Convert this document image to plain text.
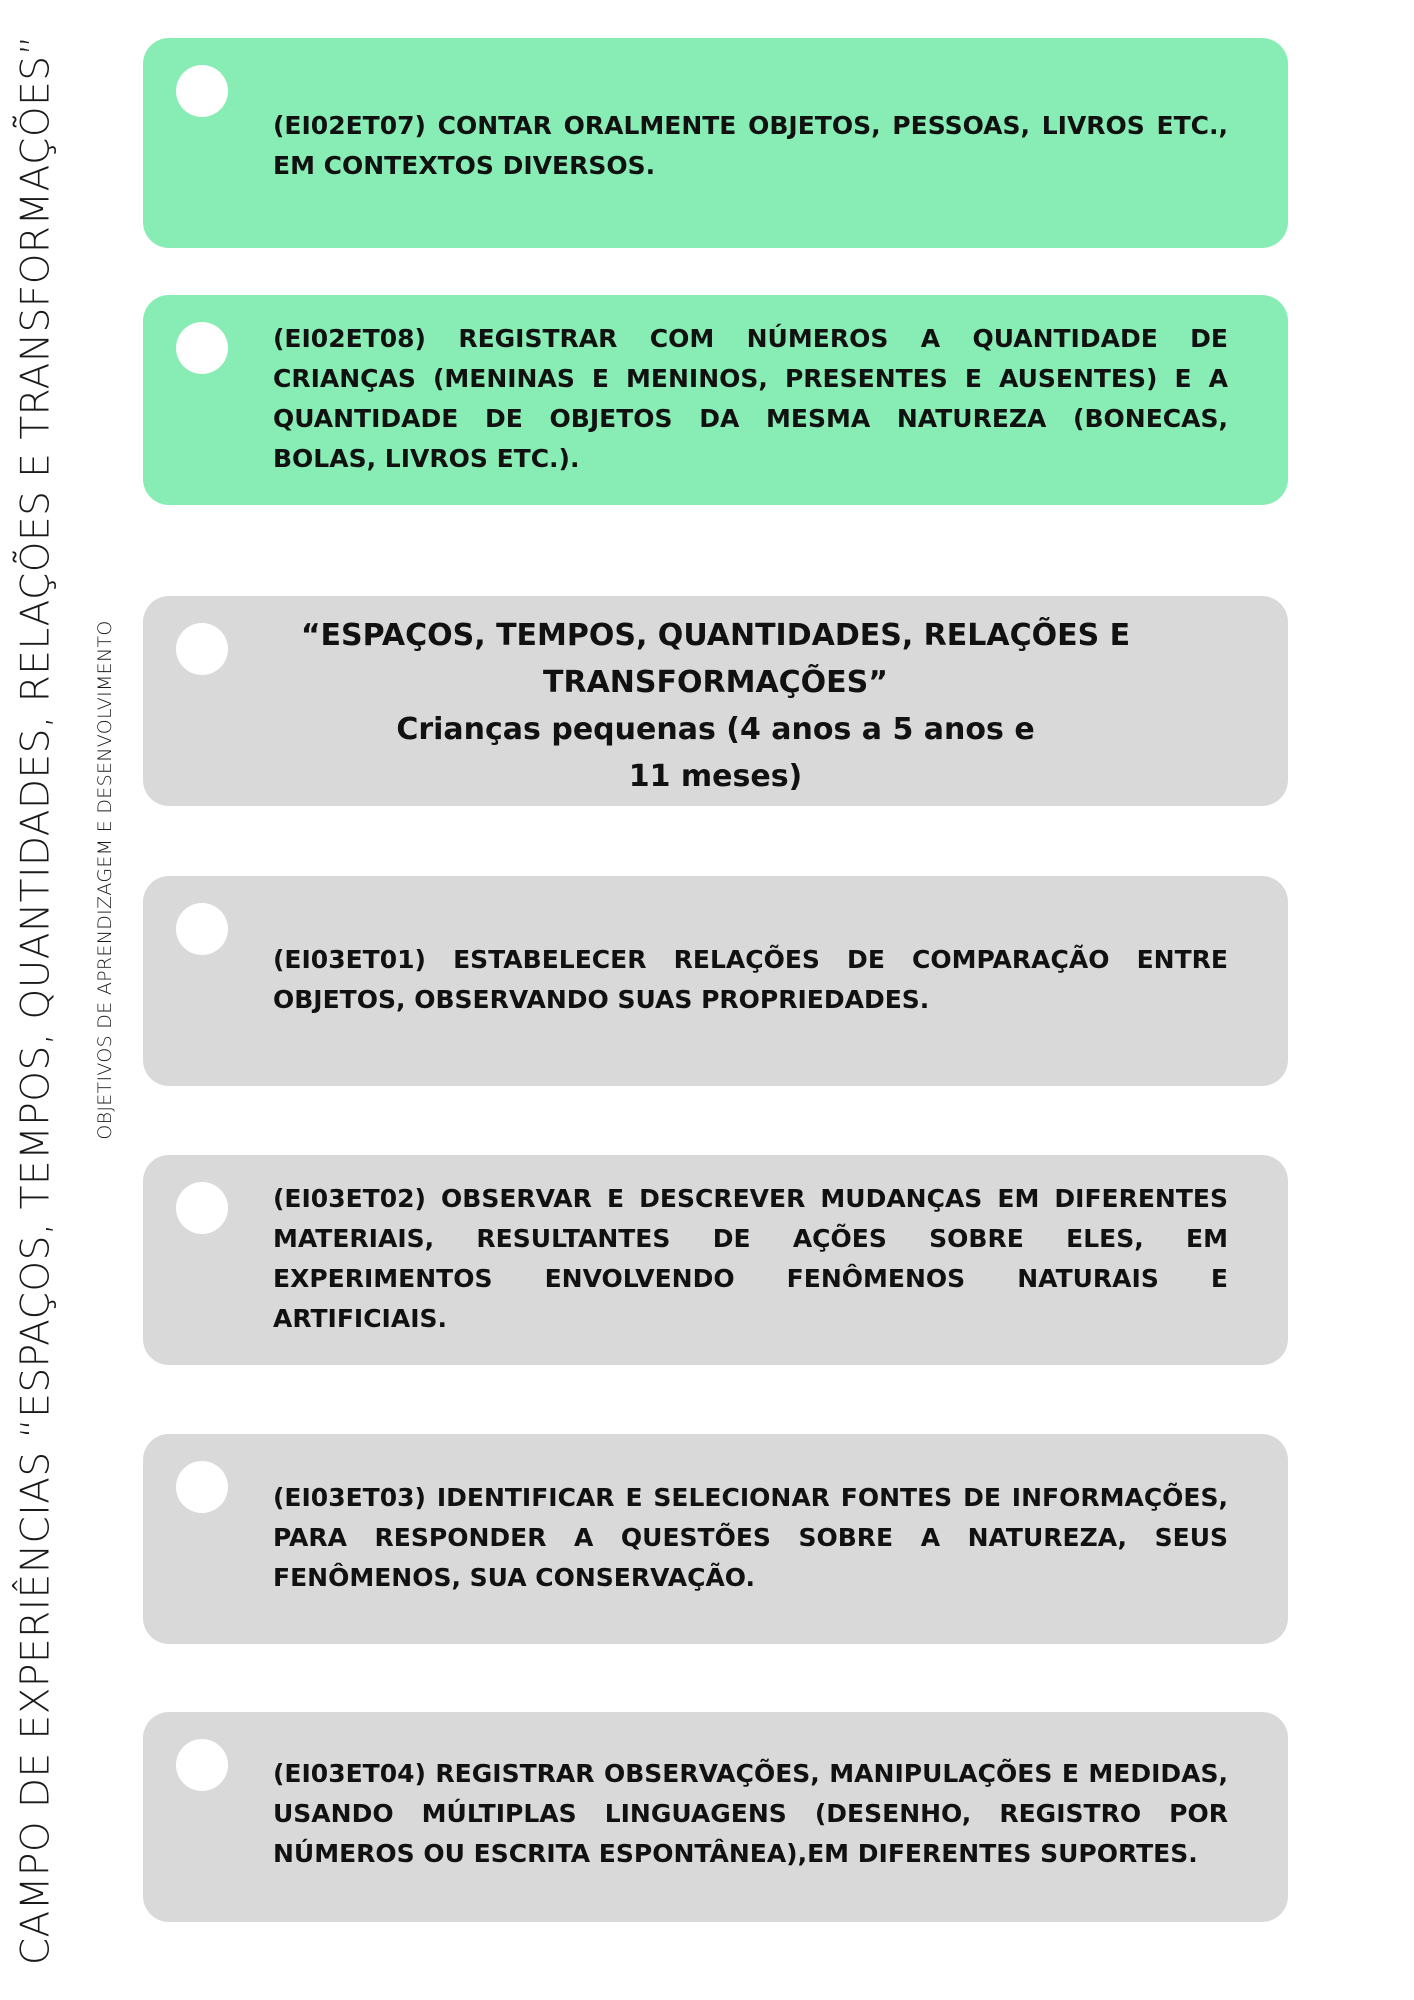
CAMPO DE EXPERIÊNCIAS “ESPAÇOS, TEMPOS, QUANTIDADES, RELAÇÕES E TRANSFORMAÇÕES” OBJETIVOS DE APRENDIZAGEM E DESENVOLVIMENTO
(EI02ET07) CONTAR ORALMENTE OBJETOS, PESSOAS, LIVROS ETC., EM CONTEXTOS DIVERSOS.
(EI02ET08) REGISTRAR COM NÚMEROS A QUANTIDADE DE CRIANÇAS (MENINAS E MENINOS, PRESENTES E AUSENTES) E A QUANTIDADE DE OBJETOS DA MESMA NATUREZA (BONECAS, BOLAS, LIVROS ETC.).
“ESPAÇOS, TEMPOS, QUANTIDADES, RELAÇÕES E TRANSFORMAÇÕES”
Crianças pequenas (4 anos a 5 anos e 11 meses)
(EI03ET01) ESTABELECER RELAÇÕES DE COMPARAÇÃO ENTRE OBJETOS, OBSERVANDO SUAS PROPRIEDADES.
(EI03ET02) OBSERVAR E DESCREVER MUDANÇAS EM DIFERENTES MATERIAIS, RESULTANTES DE AÇÕES SOBRE ELES, EM EXPERIMENTOS ENVOLVENDO FENÔMENOS NATURAIS E ARTIFICIAIS.
(EI03ET03) IDENTIFICAR E SELECIONAR FONTES DE INFORMAÇÕES, PARA RESPONDER A QUESTÕES SOBRE A NATUREZA, SEUS FENÔMENOS, SUA CONSERVAÇÃO.
(EI03ET04) REGISTRAR OBSERVAÇÕES, MANIPULAÇÕES E MEDIDAS, USANDO MÚLTIPLAS LINGUAGENS (DESENHO, REGISTRO POR NÚMEROS OU ESCRITA ESPONTÂNEA),EM DIFERENTES SUPORTES.
